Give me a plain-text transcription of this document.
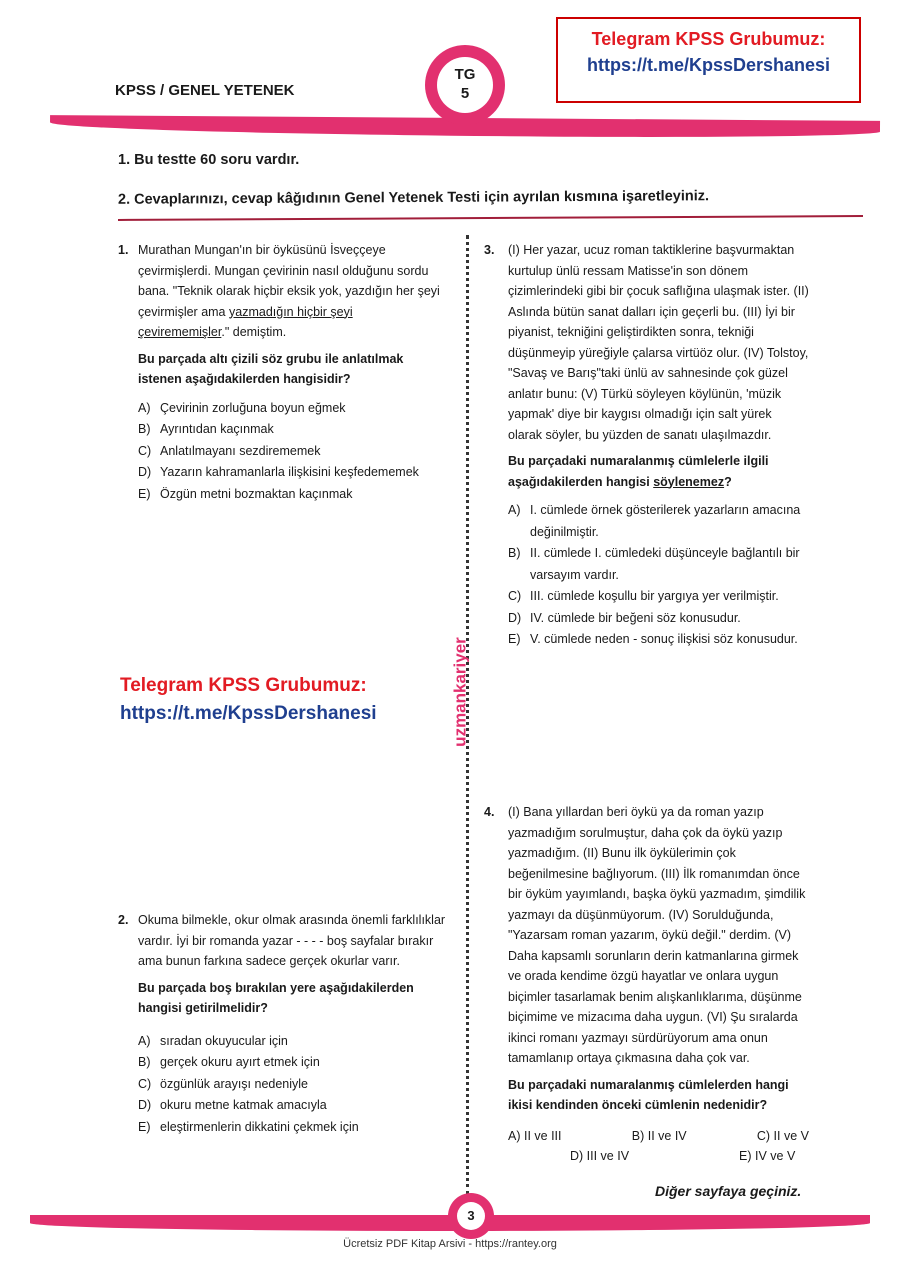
KPSS / GENEL YETENEK
TG
5
Telegram KPSS Grubumuz:
https://t.me/KpssDershanesi
1. Bu testte 60 soru vardır.
2. Cevaplarınızı, cevap kâğıdının Genel Yetenek Testi için ayrılan kısmına işaretleyiniz.
1. Murathan Mungan'ın bir öyküsünü İsveççeye çevirmişlerdi. Mungan çevirinin nasıl olduğunu sordu bana. "Teknik olarak hiçbir eksik yok, yazdığın her şeyi çevirmişler ama yazmadığın hiçbir şeyi çevirememişler." demiştim.

Bu parçada altı çizili söz grubu ile anlatılmak istenen aşağıdakilerden hangisidir?

A) Çevirinin zorluğuna boyun eğmek
B) Ayrıntıdan kaçınmak
C) Anlatılmayanı sezdirememek
D) Yazarın kahramanlarla ilişkisini keşfedememek
E) Özgün metni bozmaktan kaçınmak
Telegram KPSS Grubumuz:
https://t.me/KpssDershanesi	uzmankariyer
2. Okuma bilmekle, okur olmak arasında önemli farklılıklar vardır. İyi bir romanda yazar - - - - boş sayfalar bırakır ama bunun farkına sadece gerçek okurlar varır.

Bu parçada boş bırakılan yere aşağıdakilerden hangisi getirilmelidir?

A) sıradan okuyucular için
B) gerçek okuru ayırt etmek için
C) özgünlük arayışı nedeniyle
D) okuru metne katmak amacıyla
E) eleştirmenlerin dikkatini çekmek için
3.	(I) Her yazar, ucuz roman taktiklerine başvurmaktan kurtulup ünlü ressam Matisse'in son dönem çizimlerindeki gibi bir çocuk saflığına ulaşmak ister. (II) Aslında bütün sanat dalları için geçerli bu. (III) İyi bir piyanist, tekniğini geliştirdikten sonra, tekniği düşünmeyip yüreğiyle çalarsa virtüöz olur. (IV) Tolstoy, "Savaş ve Barış"taki ünlü av sahnesinde çok güzel anlatır bunu: (V) Türkü söyleyen köylünün, 'müzik yapmak' diye bir kaygısı olmadığı için salt yürek olarak söyler, bu yüzden de sanatı ulaşılmazdır.

Bu parçadaki numaralanmış cümlelerle ilgili aşağıdakilerden hangisi söylenemez?

A) I. cümlede örnek gösterilerek yazarların amacına değinilmiştir.
B) II. cümlede I. cümledeki düşünceyle bağlantılı bir varsayım vardır.
C) III. cümlede koşullu bir yargıya yer verilmiştir.
D) IV. cümlede bir beğeni söz konusudur.
E) V. cümlede neden - sonuç ilişkisi söz konusudur.
4.	(I) Bana yıllardan beri öykü ya da roman yazıp yazmadığım sorulmuştur, daha çok da öykü yazıp yazmadığım. (II) Bunu ilk öykülerimin çok beğenilmesine bağlıyorum. (III) İlk romanımdan önce bir öyküm yayımlandı, başka öykü yazmadım, şimdilik yazmayı da düşünmüyorum. (IV) Sorulduğunda, "Yazarsam roman yazarım, öykü değil." derdim. (V) Daha kapsamlı sorunların derin katmanlarına girmek ve orada kendime özgü hayatlar ve onlara uygun biçimler tasarlamak benim alışkanlıklarıma, düşünme biçimime ve mizacıma daha uygun. (VI) Şu sıralarda ikinci romanı yazmayı sürdürüyorum ama onun tamamlanıp ortaya çıkmasına daha çok var.

Bu parçadaki numaralanmış cümlelerden hangi ikisi kendinden önceki cümlenin nedenidir?

A) II ve III	B) II ve IV	C) II ve V
D) III ve IV	E) IV ve V
Diğer sayfaya geçiniz.
3
Ücretsiz PDF Kitap Arsivi - https://rantey.org
